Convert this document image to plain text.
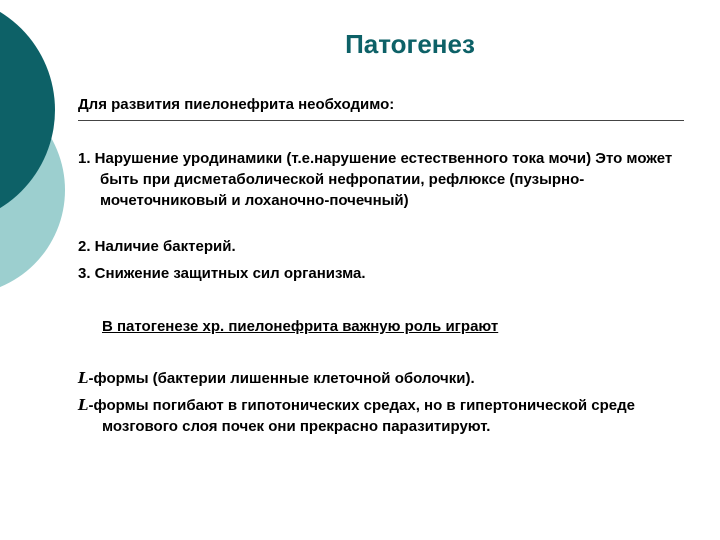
Патогенез

Для развития пиелонефрита необходимо:

1. Нарушение уродинамики (т.е.нарушение естественного тока мочи) Это может быть при дисметаболической нефропатии, рефлюксе (пузырно-мочеточниковый и лоханочно-почечный)

2. Наличие бактерий.

3. Снижение защитных сил организма.

В патогенезе хр. пиелонефрита важную роль играют

L-формы (бактерии лишенные клеточной оболочки).

L-формы погибают в гипотонических средах, но в гипертонической среде мозгового слоя почек они прекрасно паразитируют.
